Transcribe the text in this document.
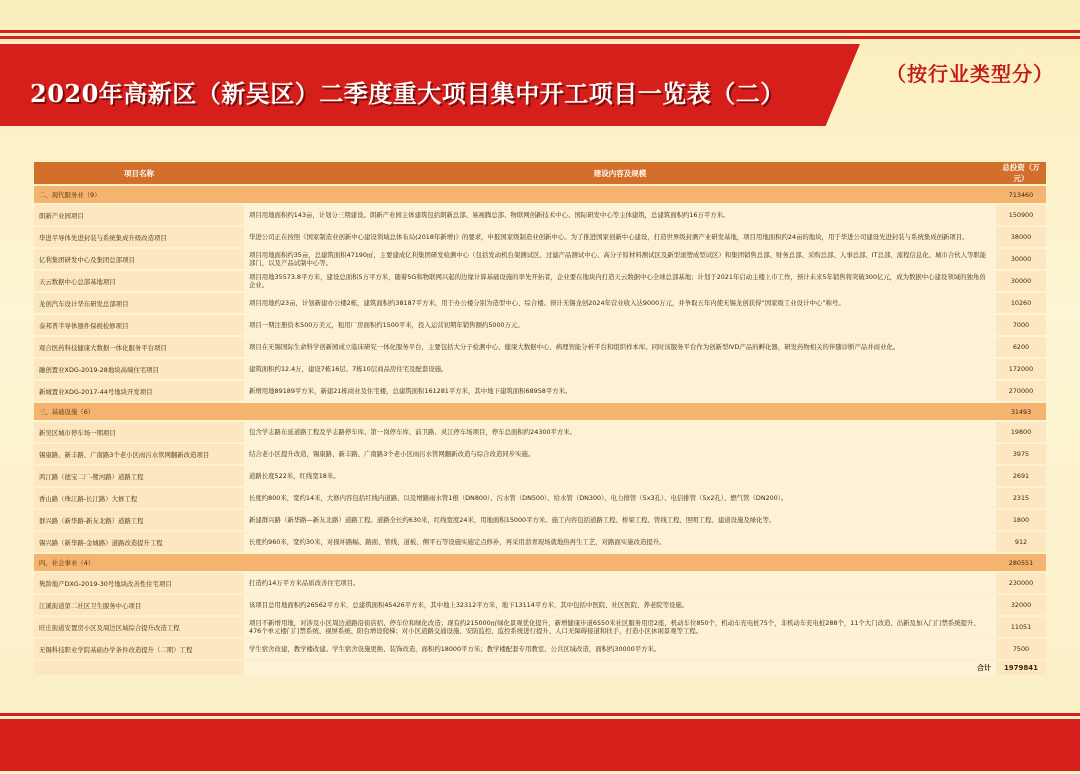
2020年高新区（新吴区）二季度重大项目集中开工项目一览表（二）
（按行业类型分）
项目名称	建设内容及规模	总投资（万元）
二、现代服务业（9）		713460
朗新产业园项目	项目用地面积约143亩，计划分三期建设。朗新产业园主体建筑包括朗新总部、易视腾总部、物联网创新技术中心、国际研发中心等主体建筑，总建筑面积约16万平方米。	150900
华进半导体先进封装与系统集成升级改造项目	华进公司正在按照《国家制造业创新中心建设领域总体布局(2018年新增)》的要求，申报国家级制造业创新中心。为了推进国家创新中心建设，打造世界级封测产业研发基地，项目用地面积约24亩的地块，用于华进公司建设先进封装与系统集成创新项目。	38000
亿利集团研发中心及集团总部项目	项目用地面积约35亩，总建筑面积47190㎡，主要建成亿利集团研发检测中心（包括发动机台架测试区、过滤产品测试中心、高分子原材料测试区及新型滚塑成型试区）和集团销售总部、财务总部、采购总部、人事总部、IT总部、流程信息化、城市合伙人等职能部门，以及产品试制中心等。	30000
天云数据中心总部基地项目	项目用地35573.8平方米，建设总面积5万平方米，随着5G和物联网兴起的边缘计算基础设施的率先开拓者，企业要在地块内打造天云数据中心全球总部基地；计划于2021年启动主楼上市工作，预计未来5年销售将突破300亿元，成为数据中心建设领域的独角兽企业。	30000
龙创汽车设计华东研发总部项目	项目用地约23亩，计划新建办公楼2栋，建筑面积约38187平方米，用于办公楼分别为造型中心、综合楼。预计无锡龙创2024年营业收入达9000万元，并争取五年内使无锡龙创获得“国家级工业设计中心”称号。	10260
泰邦普半导体器件保税检修项目	项目一期注册资本500万美元，租用厂房面积约1500平米，投入运营初期年销售额约5000万元。	7000
观合医药科技健康大数据一体化服务平台项目	项目在无锡国际生命科学创新园成立临床研究一体化服务平台，主要包括大分子检测中心、健康大数据中心、病理智能分析平台和组织样本库。同时该服务平台作为创新型IVD产品的孵化器，研发药物相关的伴随诊断产品并商业化。	6200
融创置业XDG-2019-28地块高端住宅项目	建筑面积约12.4万，建设7栋16层、7栋10层商品房住宅及配套设施。	172000
新城置业XDG-2017-44号地块开发项目	新增用地89189平方米，新建21栋商业及住宅楼，总建筑面积161281平方米，其中地下建筑面积68958平方米。	270000
三、基础设施（6）		31493
新吴区城市停车场一期项目	包含学志路东延道路工程及学志路停车库、第一岗停车库、前卫路、灵江停车场项目，停车总面积约24300平方米。	19800
锡康路、新丰路、广南路3个老小区雨污水管网翻新改造项目	结合老小区提升改造，锡康路、新丰路、广南路3个老小区雨污水管网翻新改造与综合改造同步实施。	3975
鸿江路（德宝二厂-鹭河路）道路工程	道路长度522米，红线宽18米。	2691
香山路（珠江路-长江路）大修工程	长度约800米，宽约14米，大修内容包括红线内道路、以及增路雨水管1根（DN800）、污水管（DN500）、给水管（DN300）、电力排管（5x3孔）、电信排管（5x2孔）、燃气管（DN200）。	2315
群兴路（新华路-新友北路）道路工程	新建群兴路（新华路—新友北路）道路工程。道路全长约630米，红线宽度24米，用地面积15000平方米。施工内容包括道路工程、桥梁工程、管线工程、照明工程、建道设施及绿化等。	1800
锡兴路（新华路-金城路）道路改造提升工程	长度约960米，宽约30米，对损坏路幅、路面、管线、道板、侧平石等设施实施定点修补，再采用沥青现场就地热再生工艺，对路面实施改造提升。	912
四、社会事业（4）		280551
隽龄地产DXG-2019-30号地块改善性住宅项目	打造约14万平方米品质改善住宅项目。	230000
江溪街道第二社区卫生服务中心项目	该项目总用地面积约26562平方米，总建筑面积45426平方米，其中地上32312平方米，地下13114平方米，其中包括中医院、社区医院、养老院等设施。	32000
旺庄街道安置房小区及周边区域综合提升改造工程	项目不新增用地，对涉及小区周边道路沿街店招、停车位和绿化改造；现有约215000㎡绿化景观优化提升，新增健康步道6550米社区服务用房2座，机动车位850个，机动车充电桩75个，非机动车充电桩288个，11个大门改造、出新及加入门门禁系统提升、476个单元楼门门禁系统、视屏系统、阳台增设爬梯；对小区道路交通设施、安防监控、监控系统进行提升、人口无障碍接道和扶手，打造小区休闲景观等工程。	11051
无锡科技职业学院基础办学条件改造提升（二期）工程	学生宿舍改建，教学楼改建。学生宿舍设施更换、装饰改造，面积约18000平方米；教学楼配套专用教室、公共区域改造，面积约30000平方米。	7500
	合计	1979841
